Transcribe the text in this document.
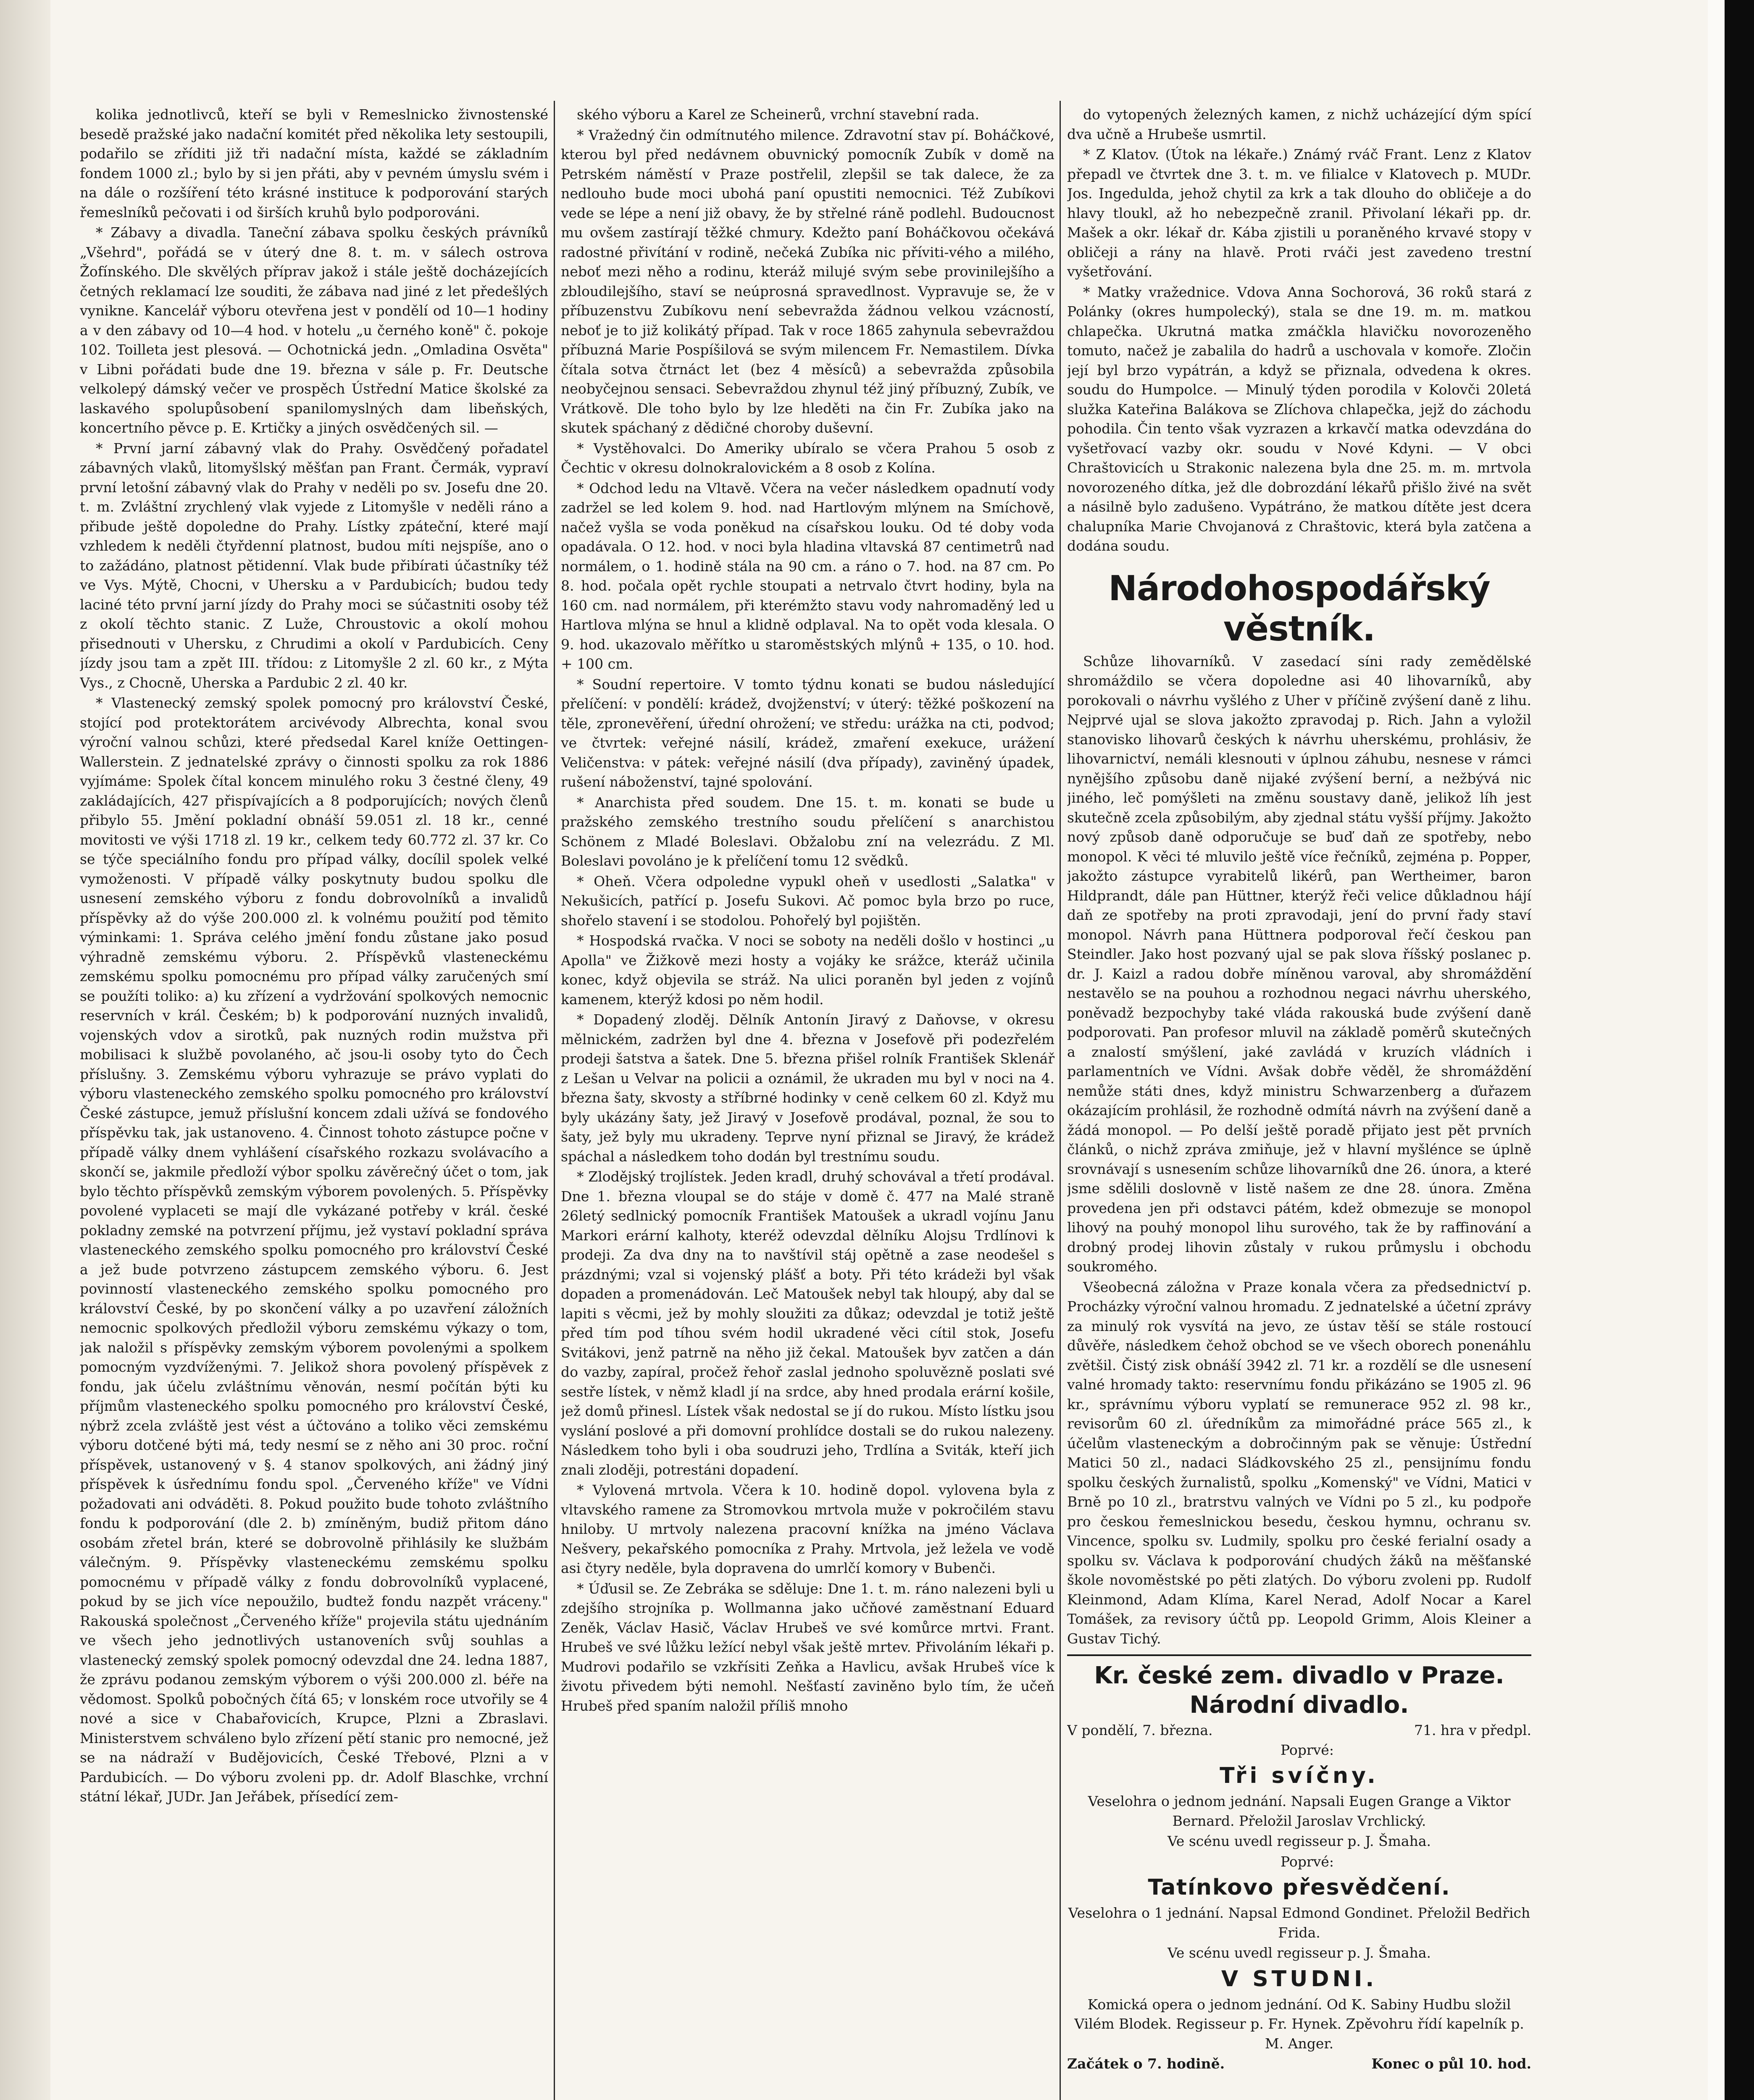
kolika jednotlivců, kteří se byli v Remeslnicko živnostenské besedě pražské jako nadační komitét před několika lety sestoupili, podařilo se zříditi již tři nadační místa, každé se základním fondem 1000 zl.; bylo by si jen přáti, aby v pevném úmyslu svém i na dále o rozšíření této krásné instituce k podporování starých řemeslníků pečovati i od širších kruhů bylo podporováni.

* Zábavy a divadla. Taneční zábava spolku českých právníků „Všehrd", pořádá se v úterý dne 8. t. m. v sálech ostrova Žofínského. Dle skvělých příprav jakož i stále ještě docházejících četných reklamací lze souditi, že zábava nad jiné z let předešlých vynikne. Kancelář výboru otevřena jest v pondělí od 10—1 hodiny a v den zábavy od 10—4 hod. v hotelu „u černého koně" č. pokoje 102. Toilleta jest plesová. — Ochotnická jedn. „Omladina Osvěta" v Libni pořádati bude dne 19. března v sále p. Fr. Deutsche velkolepý dámský večer ve prospěch Ústřední Matice školské za laskavého spolupůsobení spanilomyslných dam libeňských, koncertního pěvce p. E. Krtičky a jiných osvědčených sil. —

* První jarní zábavný vlak do Prahy. Osvědčený pořadatel zábavných vlaků, litomyšlský měšťan pan Frant. Čermák, vypraví první letošní zábavný vlak do Prahy v neděli po sv. Josefu dne 20. t. m. Zvláštní zrychlený vlak vyjede z Litomyšle v neděli ráno a přibude ještě dopoledne do Prahy. Lístky zpáteční, které mají vzhledem k neděli čtyřdenní platnost, budou míti nejspíše, ano o to zažádáno, platnost pětidenní. Vlak bude přibírati účastníky též ve Vys. Mýtě, Chocni, v Uhersku a v Pardubicích; budou tedy laciné této první jarní jízdy do Prahy moci se súčastniti osoby též z okolí těchto stanic. Z Luže, Chroustovic a okolí mohou přisednouti v Uhersku, z Chrudimi a okolí v Pardubicích. Ceny jízdy jsou tam a zpět III. třídou: z Litomyšle 2 zl. 60 kr., z Mýta Vys., z Chocně, Uherska a Pardubic 2 zl. 40 kr.

* Vlastenecký zemský spolek pomocný pro království České, stojící pod protektorátem arcivévody Albrechta, konal svou výroční valnou schůzi, které předsedal Karel kníže Oettingen-Wallerstein. Z jednatelské zprávy o činnosti spolku za rok 1886 vyjímáme: Spolek čítal koncem minulého roku 3 čestné členy, 49 zakládajících, 427 přispívajících a 8 podporujících; nových členů přibylo 55. Jmění pokladní obnáší 59.051 zl. 18 kr., cenné movitosti ve výši 1718 zl. 19 kr., celkem tedy 60.772 zl. 37 kr. Co se týče speciálního fondu pro případ války, docílil spolek velké vymoženosti. V případě války poskytnuty budou spolku dle usnesení zemského výboru z fondu dobrovolníků a invalidů příspěvky až do výše 200.000 zl. k volnému použití pod těmito výminkami: 1. Správa celého jmění fondu zůstane jako posud výhradně zemskému výboru. 2. Příspěvků vlasteneckému zemskému spolku pomocnému pro případ války zaručených smí se použíti toliko: a) ku zřízení a vydržování spolkových nemocnic reservních v král. Českém; b) k podporování nuzných invalidů, vojenských vdov a sirotků, pak nuzných rodin mužstva při mobilisaci k službě povolaného, ač jsou-li osoby tyto do Čech příslušny. 3. Zemskému výboru vyhrazuje se právo vyplati do výboru vlasteneckého zemského spolku pomocného pro království České zástupce, jemuž příslušní koncem zdali užívá se fondového příspěvku tak, jak ustanoveno. 4. Činnost tohoto zástupce počne v případě války dnem vyhlášení císařského rozkazu svolávacího a skončí se, jakmile předloží výbor spolku závěrečný účet o tom, jak bylo těchto příspěvků zemským výborem povolených. 5. Příspěvky povolené vyplaceti se mají dle vykázané potřeby v král. české pokladny zemské na potvrzení příjmu, jež vystaví pokladní správa vlasteneckého zemského spolku pomocného pro království České a jež bude potvrzeno zástupcem zemského výboru. 6. Jest povinností vlasteneckého zemského spolku pomocného pro království České, by po skončení války a po uzavření záložních nemocnic spolkových předložil výboru zemskému výkazy o tom, jak naložil s příspěvky zemským výborem povolenými a spolkem pomocným vyzdvíženými. 7. Jelikož shora povolený příspěvek z fondu, jak účelu zvláštnímu věnován, nesmí počítán býti ku příjmům vlasteneckého spolku pomocného pro království České, nýbrž zcela zvláště jest vést a účtováno a toliko věci zemskému výboru dotčené býti má, tedy nesmí se z něho ani 30 proc. roční příspěvek, ustanovený v §. 4 stanov spolkových, ani žádný jiný příspěvek k úsřednímu fondu spol. „Červeného kříže" ve Vídni požadovati ani odváděti. 8. Pokud použito bude tohoto zvláštního fondu k podporování (dle 2. b) zmíněným, budiž přitom dáno osobám zřetel brán, které se dobrovolně přihlásily ke službám válečným. 9. Příspěvky vlasteneckému zemskému spolku pomocnému v případě války z fondu dobrovolníků vyplacené, pokud by se jich více nepoužilo, budtež fondu nazpět vráceny." Rakouská společnost „Červeného kříže" projevila státu ujednáním ve všech jeho jednotlivých ustanoveních svůj souhlas a vlastenecký zemský spolek pomocný odevzdal dne 24. ledna 1887, že zprávu podanou zemským výborem o výši 200.000 zl. béře na vědomost. Spolků pobočných čítá 65; v lonském roce utvořily se 4 nové a sice v Chabařovicích, Krupce, Plzni a Zbraslavi. Ministerstvem schváleno bylo zřízení pětí stanic pro nemocné, jež se na nádraží v Budějovicích, České Třebové, Plzni a v Pardubicích. — Do výboru zvoleni pp. dr. Adolf Blaschke, vrchní státní lékař, JUDr. Jan Jeřábek, přísedící zem-

ského výboru a Karel ze Scheinerů, vrchní stavební rada.

* Vražedný čin odmítnutého milence. Zdravotní stav pí. Boháčkové, kterou byl před nedávnem obuvnický pomocník Zubík v domě na Petrském náměstí v Praze postřelil, zlepšil se tak dalece, že za nedlouho bude moci ubohá paní opustiti nemocnici. Též Zubíkovi vede se lépe a není již obavy, že by střelné ráně podlehl. Budoucnost mu ovšem zastírají těžké chmury. Kdežto paní Boháčkovou očekává radostné přivítání v rodině, nečeká Zubíka nic příviti-vého a milého, neboť mezi něho a rodinu, kteráž milujé svým sebe provinilejšího a zbloudilejšího, staví se neúprosná spravedlnost. Vypravuje se, že v příbuzenstvu Zubíkovu není sebevražda žádnou velkou vzácností, neboť je to již kolikátý případ. Tak v roce 1865 zahynula sebevraždou příbuzná Marie Pospíšilová se svým milencem Fr. Nemastilem. Dívka čítala sotva čtrnáct let (bez 4 měsíců) a sebevražda způsobila neobyčejnou sensaci. Sebevraždou zhynul též jiný příbuzný, Zubík, ve Vrátkově. Dle toho bylo by lze hleděti na čin Fr. Zubíka jako na skutek spáchaný z dědičné choroby duševní.

* Vystěhovalci. Do Ameriky ubíralo se včera Prahou 5 osob z Čechtic v okresu dolnokralovickém a 8 osob z Kolína.

* Odchod ledu na Vltavě. Včera na večer následkem opadnutí vody zadržel se led kolem 9. hod. nad Hartlovým mlýnem na Smíchově, načež vyšla se voda poněkud na císařskou louku. Od té doby voda opadávala. O 12. hod. v noci byla hladina vltavská 87 centimetrů nad normálem, o 1. hodině stála na 90 cm. a ráno o 7. hod. na 87 cm. Po 8. hod. počala opět rychle stoupati a netrvalo čtvrt hodiny, byla na 160 cm. nad normálem, při kterémžto stavu vody nahromaděný led u Hartlova mlýna se hnul a klidně odplaval. Na to opět voda klesala. O 9. hod. ukazovalo měřítko u staroměstských mlýnů + 135, o 10. hod. + 100 cm.

* Soudní repertoire. V tomto týdnu konati se budou následující přelíčení: v pondělí: krádež, dvojženství; v úterý: těžké poškození na těle, zpronevěření, úřední ohrožení; ve středu: urážka na cti, podvod; ve čtvrtek: veřejné násilí, krádež, zmaření exekuce, urážení Veličenstva: v pátek: veřejné násilí (dva případy), zaviněný úpadek, rušení náboženství, tajné spolování.

* Anarchista před soudem. Dne 15. t. m. konati se bude u pražského zemského trestního soudu přelíčení s anarchistou Schönem z Mladé Boleslavi. Obžalobu zní na velezrádu. Z Ml. Boleslavi povoláno je k přelíčení tomu 12 svědků.

* Oheň. Včera odpoledne vypukl oheň v usedlosti „Salatka" v Nekušicích, patřící p. Josefu Sukovi. Ač pomoc byla brzo po ruce, shořelo stavení i se stodolou. Pohořelý byl pojištěn.

* Hospodská rvačka. V noci se soboty na neděli došlo v hostinci „u Apolla" ve Žižkově mezi hosty a vojáky ke srážce, kteráž učinila konec, když objevila se stráž. Na ulici poraněn byl jeden z vojínů kamenem, kterýž kdosi po něm hodil.

* Dopadený zloděj. Dělník Antonín Jiravý z Daňovse, v okresu mělnickém, zadržen byl dne 4. března v Josefově při podezřelém prodeji šatstva a šatek. Dne 5. března přišel rolník František Sklenář z Lešan u Velvar na policii a oznámil, že ukraden mu byl v noci na 4. března šaty, skvosty a stříbrné hodinky v ceně celkem 60 zl. Když mu byly ukázány šaty, jež Jiravý v Josefově prodával, poznal, že sou to šaty, jež byly mu ukradeny. Teprve nyní přiznal se Jiravý, že krádež spáchal a následkem toho dodán byl trestnímu soudu.

* Zlodějský trojlístek. Jeden kradl, druhý schovával a třetí prodával. Dne 1. března vloupal se do stáje v domě č. 477 na Malé straně 26letý sedlnický pomocník František Matoušek a ukradl vojínu Janu Markori erární kalhoty, kteréž odevzdal dělníku Alojsu Trdlínovi k prodeji. Za dva dny na to navštívil stáj opětně a zase neodešel s prázdnými; vzal si vojenský plášť a boty. Při této krádeži byl však dopaden a promenádován. Leč Matoušek nebyl tak hloupý, aby dal se lapiti s věcmi, jež by mohly sloužiti za důkaz; odevzdal je totiž ještě před tím pod tíhou svém hodil ukradené věci cítil stok, Josefu Svitákovi, jenž patrně na něho již čekal. Matoušek byv zatčen a dán do vazby, zapíral, pročež řehoř zaslal jednoho spoluvězně poslati své sestře lístek, v němž kladl jí na srdce, aby hned prodala erární košile, jež domů přinesl. Lístek však nedostal se jí do rukou. Místo lístku jsou vyslání poslové a při domovní prohlídce dostali se do rukou nalezeny. Následkem toho byli i oba soudruzi jeho, Trdlína a Sviták, kteří jich znali zloději, potrestáni dopadení.

* Vylovená mrtvola. Včera k 10. hodině dopol. vylovena byla z vltavského ramene za Stromovkou mrtvola muže v pokročilém stavu hniloby. U mrtvoly nalezena pracovní knížka na jméno Václava Nešvery, pekařského pomocníka z Prahy. Mrtvola, jež ležela ve vodě asi čtyry neděle, byla dopravena do umrlčí komory v Bubenči.

* Úďusil se. Ze Zebráka se sděluje: Dne 1. t. m. ráno nalezeni byli u zdejšího strojníka p. Wollmanna jako učňové zaměstnaní Eduard Zeněk, Václav Hasič, Václav Hrubeš ve své komůrce mrtvi. Frant. Hrubeš ve své lůžku ležící nebyl však ještě mrtev. Přivoláním lékaři p. Mudrovi podařilo se vzkřísiti Zeňka a Havlicu, avšak Hrubeš více k životu přivedem býti nemohl. Nešťastí zaviněno bylo tím, že učeň Hrubeš před spaním naložil příliš mnoho

do vytopených železných kamen, z nichž ucházející dým spící dva učně a Hrubeše usmrtil.

* Z Klatov. (Útok na lékaře.) Známý rváč Frant. Lenz z Klatov přepadl ve čtvrtek dne 3. t. m. ve filialce v Klatovech p. MUDr. Jos. Ingedulda, jehož chytil za krk a tak dlouho do obličeje a do hlavy tloukl, až ho nebezpečně zranil. Přivolaní lékaři pp. dr. Mašek a okr. lékař dr. Kába zjistili u poraněného krvavé stopy v obličeji a rány na hlavě. Proti rváči jest zavedeno trestní vyšetřování.

* Matky vražednice. Vdova Anna Sochorová, 36 roků stará z Polánky (okres humpolecký), stala se dne 19. m. m. matkou chlapečka. Ukrutná matka zmáčkla hlavičku novorozeněho tomuto, načež je zabalila do hadrů a uschovala v komoře. Zločin její byl brzo vypátrán, a když se přiznala, odvedena k okres. soudu do Humpolce. — Minulý týden porodila v Kolovči 20letá služka Kateřina Balákova se Zlíchova chlapečka, jejž do záchodu pohodila. Čin tento však vyzrazen a krkavčí matka odevzdána do vyšetřovací vazby okr. soudu v Nové Kdyni. — V obci Chraštovicích u Strakonic nalezena byla dne 25. m. m. mrtvola novorozeného dítka, jež dle dobrozdání lékařů přišlo živé na svět a násilně bylo zadušeno. Vypátráno, že matkou dítěte jest dcera chalupníka Marie Chvojanová z Chraštovic, která byla zatčena a dodána soudu.

Národohospodářský věstník.

Schůze lihovarníků. V zasedací síni rady zemědělské shromáždilo se včera dopoledne asi 40 lihovarníků, aby porokovali o návrhu vyšlého z Uher v příčině zvýšení daně z lihu. Nejprvé ujal se slova jakožto zpravodaj p. Rich. Jahn a vyložil stanovisko lihovarů českých k návrhu uherskému, prohlásiv, že lihovarnictví, nemáli klesnouti v úplnou záhubu, nesnese v rámci nynějšího způsobu daně nijaké zvýšení berní, a nežbývá nic jiného, leč pomýšleti na změnu soustavy daně, jelikož líh jest skutečně zcela způsobilým, aby zjednal státu vyšší příjmy. Jakožto nový způsob daně odporučuje se buď daň ze spotřeby, nebo monopol. K věci té mluvilo ještě více řečníků, zejména p. Popper, jakožto zástupce vyrabitelů likérů, pan Wertheimer, baron Hildprandt, dále pan Hüttner, kterýž řeči velice důkladnou hájí daň ze spotřeby na proti zpravodaji, jení do první řady staví monopol. Návrh pana Hüttnera podporoval řečí českou pan Steindler. Jako host pozvaný ujal se pak slova říšský poslanec p. dr. J. Kaizl a radou dobře míněnou varoval, aby shromáždění nestavělo se na pouhou a rozhodnou negaci návrhu uherského, poněvadž bezpochyby také vláda rakouská bude zvýšení daně podporovati. Pan profesor mluvil na základě poměrů skutečných a znalostí smýšlení, jaké zavládá v kruzích vládních i parlamentních ve Vídni. Avšak dobře věděl, že shromáždění nemůže státi dnes, když ministru Schwarzenberg a ďuřazem okázajícím prohlásil, že rozhodně odmítá návrh na zvýšení daně a žádá monopol. — Po delší ještě poradě přijato jest pět prvních článků, o nichž zpráva zmiňuje, jež v hlavní myšlénce se úplně srovnávají s usnesením schůze lihovarníků dne 26. února, a které jsme sdělili doslovně v listě našem ze dne 28. února. Změna provedena jen při odstavci pátém, kdež obmezuje se monopol lihový na pouhý monopol lihu surového, tak že by raffinování a drobný prodej lihovin zůstaly v rukou průmyslu i obchodu soukromého.

Všeobecná záložna v Praze konala včera za předsednictví p. Procházky výroční valnou hromadu. Z jednatelské a účetní zprávy za minulý rok vysvítá na jevo, ze ústav těší se stále rostoucí důvěře, následkem čehož obchod se ve všech oborech ponenáhlu zvětšil. Čistý zisk obnáší 3942 zl. 71 kr. a rozdělí se dle usnesení valné hromady takto: reservnímu fondu přikázáno se 1905 zl. 96 kr., správnímu výboru vyplatí se remunerace 952 zl. 98 kr., revisorům 60 zl. úředníkům za mimořádné práce 565 zl., k účelům vlasteneckým a dobročinným pak se věnuje: Ústřední Matici 50 zl., nadaci Sládkovského 25 zl., pensijnímu fondu spolku českých žurnalistů, spolku „Komenský" ve Vídni, Matici v Brně po 10 zl., bratrstvu valných ve Vídni po 5 zl., ku podpoře pro českou řemeslnickou besedu, českou hymnu, ochranu sv. Vincence, spolku sv. Ludmily, spolku pro české ferialní osady a spolku sv. Václava k podporování chudých žáků na měšťanské škole novoměstské po pěti zlatých. Do výboru zvoleni pp. Rudolf Kleinmond, Adam Klíma, Karel Nerad, Adolf Nocar a Karel Tomášek, za revisory účtů pp. Leopold Grimm, Alois Kleiner a Gustav Tichý.

Kr. české zem. divadlo v Praze.
Národní divadlo.
V pondělí, 7. března.	71. hra v předpl.

Poprvé:

Tři svíčny.

Veselohra o jednom jednání. Napsali Eugen Grange a Viktor Bernard. Přeložil Jaroslav Vrchlický.

Ve scénu uvedl regisseur p. J. Šmaha.

Poprvé:

Tatínkovo přesvědčení.

Veselohra o 1 jednání. Napsal Edmond Gondinet. Přeložil Bedřich Frida.

Ve scénu uvedl regisseur p. J. Šmaha.

V STUDNI.

Komická opera o jednom jednání. Od K. Sabiny Hudbu složil Vilém Blodek. Regisseur p. Fr. Hynek. Zpěvohru řídí kapelník p. M. Anger.

Začátek o 7. hodině.	Konec o půl 10. hod.
